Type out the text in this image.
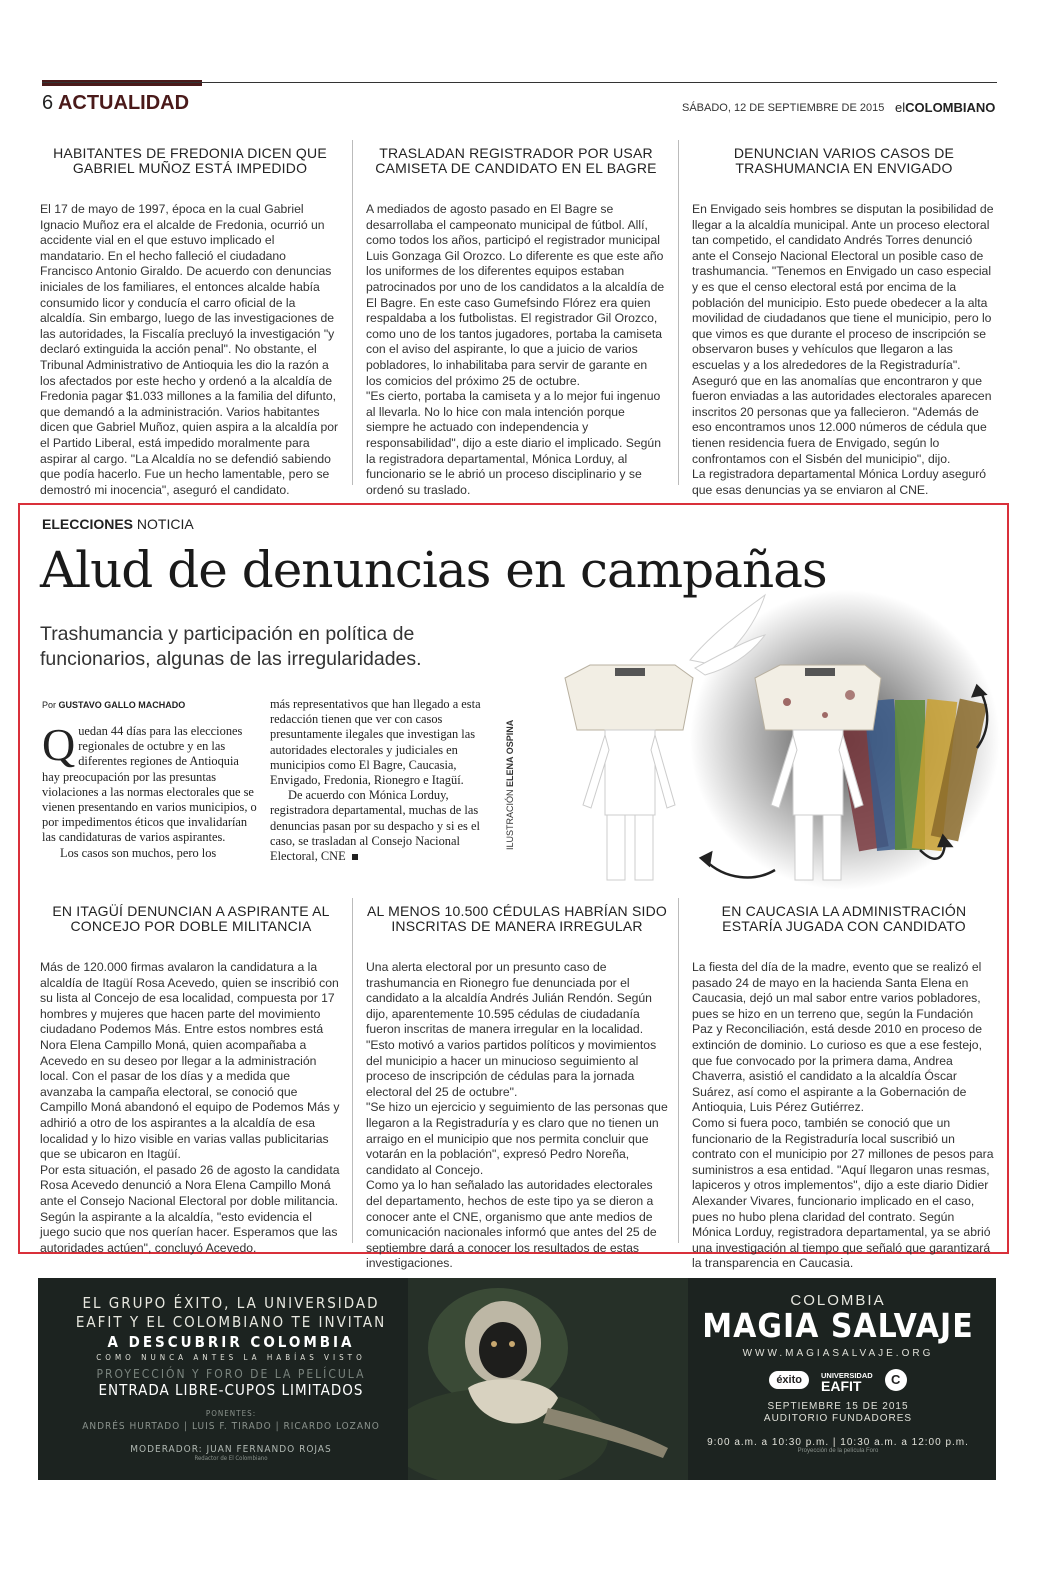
6 ACTUALIDAD	SÁBADO, 12 DE SEPTIEMBRE DE 2015 elCOLOMBIANO
HABITANTES DE FREDONIA DICEN QUE GABRIEL MUÑOZ ESTÁ IMPEDIDO

El 17 de mayo de 1997, época en la cual Gabriel Ignacio Muñoz era el alcalde de Fredonia, ocurrió un accidente vial en el que estuvo implicado el mandatario. En el hecho falleció el ciudadano Francisco Antonio Giraldo. De acuerdo con denuncias iniciales de los familiares, el entonces alcalde había consumido licor y conducía el carro oficial de la alcaldía. Sin embargo, luego de las investigaciones de las autoridades, la Fiscalía precluyó la investigación "y declaró extinguida la acción penal". No obstante, el Tribunal Administrativo de Antioquia les dio la razón a los afectados por este hecho y ordenó a la alcaldía de Fredonia pagar $1.033 millones a la familia del difunto, que demandó a la administración. Varios habitantes dicen que Gabriel Muñoz, quien aspira a la alcaldía por el Partido Liberal, está impedido moralmente para aspirar al cargo. "La Alcaldía no se defendió sabiendo que podía hacerlo. Fue un hecho lamentable, pero se demostró mi inocencia", aseguró el candidato.

TRASLADAN REGISTRADOR POR USAR CAMISETA DE CANDIDATO EN EL BAGRE

A mediados de agosto pasado en El Bagre se desarrollaba el campeonato municipal de fútbol. Allí, como todos los años, participó el registrador municipal Luis Gonzaga Gil Orozco. Lo diferente es que este año los uniformes de los diferentes equipos estaban patrocinados por uno de los candidatos a la alcaldía de El Bagre. En este caso Gumefsindo Flórez era quien respaldaba a los futbolistas. El registrador Gil Orozco, como uno de los tantos jugadores, portaba la camiseta con el aviso del aspirante, lo que a juicio de varios pobladores, lo inhabilitaba para servir de garante en los comicios del próximo 25 de octubre.

"Es cierto, portaba la camiseta y a lo mejor fui ingenuo al llevarla. No lo hice con mala intención porque siempre he actuado con independencia y responsabilidad", dijo a este diario el implicado. Según la registradora departamental, Mónica Lorduy, al funcionario se le abrió un proceso disciplinario y se ordenó su traslado.

DENUNCIAN VARIOS CASOS DE TRASHUMANCIA EN ENVIGADO

En Envigado seis hombres se disputan la posibilidad de llegar a la alcaldía municipal. Ante un proceso electoral tan competido, el candidato Andrés Torres denunció ante el Consejo Nacional Electoral un posible caso de trashumancia. "Tenemos en Envigado un caso especial y es que el censo electoral está por encima de la población del municipio. Esto puede obedecer a la alta movilidad de ciudadanos que tiene el municipio, pero lo que vimos es que durante el proceso de inscripción se observaron buses y vehículos que llegaron a las escuelas y a los alrededores de la Registraduría". Aseguró que en las anomalías que encontraron y que fueron enviadas a las autoridades electorales aparecen inscritos 20 personas que ya fallecieron. "Además de eso encontramos unos 12.000 números de cédula que tienen residencia fuera de Envigado, según lo confrontamos con el Sisbén del municipio", dijo.

La registradora departamental Mónica Lorduy aseguró que esas denuncias ya se enviaron al CNE.

ELECCIONES NOTICIA
Alud de denuncias en campañas
Trashumancia y participación en política de funcionarios, algunas de las irregularidades.
Por GUSTAVO GALLO MACHADO
Quedan 44 días para las elecciones regionales de octubre y en las diferentes regiones de Antioquia hay preocupación por las presuntas violaciones a las normas electorales que se vienen presentando en varios municipios, o por impedimentos éticos que invalidarían las candidaturas de varios aspirantes.

Los casos son muchos, pero los

más representativos que han llegado a esta redacción tienen que ver con casos presuntamente ilegales que investigan las autoridades electorales y judiciales en municipios como El Bagre, Caucasia, Envigado, Fredonia, Rionegro e Itagüí.

De acuerdo con Mónica Lorduy, registradora departamental, muchas de las denuncias pasan por su despacho y si es el caso, se trasladan al Consejo Nacional Electoral, CNE

ILUSTRACIÓN ELENA OSPINA
EN ITAGÜÍ DENUNCIAN A ASPIRANTE AL CONCEJO POR DOBLE MILITANCIA

Más de 120.000 firmas avalaron la candidatura a la alcaldía de Itagüí Rosa Acevedo, quien se inscribió con su lista al Concejo de esa localidad, compuesta por 17 hombres y mujeres que hacen parte del movimiento ciudadano Podemos Más. Entre estos nombres está Nora Elena Campillo Moná, quien acompañaba a Acevedo en su deseo por llegar a la administración local. Con el pasar de los días y a medida que avanzaba la campaña electoral, se conoció que Campillo Moná abandonó el equipo de Podemos Más y adhirió a otro de los aspirantes a la alcaldía de esa localidad y lo hizo visible en varias vallas publicitarias que se ubicaron en Itagüí.

Por esta situación, el pasado 26 de agosto la candidata Rosa Acevedo denunció a Nora Elena Campillo Moná ante el Consejo Nacional Electoral por doble militancia. Según la aspirante a la alcaldía, "esto evidencia el juego sucio que nos querían hacer. Esperamos que las autoridades actúen", concluyó Acevedo.

AL MENOS 10.500 CÉDULAS HABRÍAN SIDO INSCRITAS DE MANERA IRREGULAR

Una alerta electoral por un presunto caso de trashumancia en Rionegro fue denunciada por el candidato a la alcaldía Andrés Julián Rendón. Según dijo, aparentemente 10.595 cédulas de ciudadanía fueron inscritas de manera irregular en la localidad. "Esto motivó a varios partidos políticos y movimientos del municipio a hacer un minucioso seguimiento al proceso de inscripción de cédulas para la jornada electoral del 25 de octubre".

"Se hizo un ejercicio y seguimiento de las personas que llegaron a la Registraduría y es claro que no tienen un arraigo en el municipio que nos permita concluir que votarán en la población", expresó Pedro Noreña, candidato al Concejo.

Como ya lo han señalado las autoridades electorales del departamento, hechos de este tipo ya se dieron a conocer ante el CNE, organismo que ante medios de comunicación nacionales informó que antes del 25 de septiembre dará a conocer los resultados de estas investigaciones.

EN CAUCASIA LA ADMINISTRACIÓN ESTARÍA JUGADA CON CANDIDATO

La fiesta del día de la madre, evento que se realizó el pasado 24 de mayo en la hacienda Santa Elena en Caucasia, dejó un mal sabor entre varios pobladores, pues se hizo en un terreno que, según la Fundación Paz y Reconciliación, está desde 2010 en proceso de extinción de dominio. Lo curioso es que a ese festejo, que fue convocado por la primera dama, Andrea Chaverra, asistió el candidato a la alcaldía Óscar Suárez, así como el aspirante a la Gobernación de Antioquia, Luis Pérez Gutiérrez.

Como si fuera poco, también se conoció que un funcionario de la Registraduría local suscribió un contrato con el municipio por 27 millones de pesos para suministros a esa entidad. "Aquí llegaron unas resmas, lapiceros y otros implementos", dijo a este diario Didier Alexander Vivares, funcionario implicado en el caso, pues no hubo plena claridad del contrato. Según Mónica Lorduy, registradora departamental, ya se abrió una investigación al tiempo que señaló que garantizará la transparencia en Caucasia.

EL GRUPO ÉXITO, LA UNIVERSIDAD
EAFIT Y EL COLOMBIANO TE INVITAN
A DESCUBRIR COLOMBIA
COMO NUNCA ANTES LA HABÍAS VISTO
PROYECCIÓN Y FORO DE LA PELÍCULA
ENTRADA LIBRE-CUPOS LIMITADOS
PONENTES:
ANDRÉS HURTADO | LUIS F. TIRADO | RICARDO LOZANO
MODERADOR: JUAN FERNANDO ROJAS
Redactor de El Colombiano
COLOMBIA
MAGIA SALVAJE
WWW.MAGIASALVAJE.ORG
éxito	UNIVERSIDAD
EAFIT	C
SEPTIEMBRE 15 DE 2015
AUDITORIO FUNDADORES
9:00 a.m. a 10:30 p.m. | 10:30 a.m. a 12:00 p.m.
Proyección de la película Foro
